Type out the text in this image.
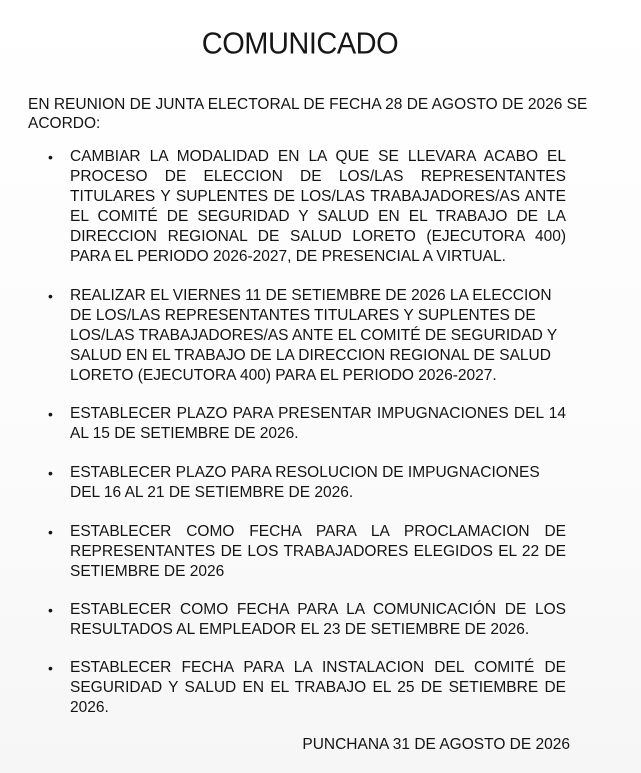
COMUNICADO
EN REUNION DE JUNTA ELECTORAL DE FECHA 28 DE AGOSTO DE 2026 SE ACORDO:
•	CAMBIAR LA MODALIDAD EN LA QUE SE LLEVARA ACABO EL PROCESO DE ELECCION DE LOS/LAS REPRESENTANTES TITULARES Y SUPLENTES DE LOS/LAS TRABAJADORES/AS ANTE EL COMITÉ DE SEGURIDAD Y SALUD EN EL TRABAJO DE LA DIRECCION REGIONAL DE SALUD LORETO (EJECUTORA 400) PARA EL PERIODO 2026-2027, DE PRESENCIAL A VIRTUAL.
•	REALIZAR EL VIERNES 11 DE SETIEMBRE DE 2026 LA ELECCION DE LOS/LAS REPRESENTANTES TITULARES Y SUPLENTES DE LOS/LAS TRABAJADORES/AS ANTE EL COMITÉ DE SEGURIDAD Y SALUD EN EL TRABAJO DE LA DIRECCION REGIONAL DE SALUD LORETO (EJECUTORA 400) PARA EL PERIODO 2026-2027.
•	ESTABLECER PLAZO PARA PRESENTAR IMPUGNACIONES DEL 14 AL 15 DE SETIEMBRE DE 2026.
•	ESTABLECER PLAZO PARA RESOLUCION DE IMPUGNACIONES DEL 16 AL 21 DE SETIEMBRE DE 2026.
•	ESTABLECER COMO FECHA PARA LA PROCLAMACION DE REPRESENTANTES DE LOS TRABAJADORES ELEGIDOS EL 22 DE SETIEMBRE DE 2026
•	ESTABLECER COMO FECHA PARA LA COMUNICACIÓN DE LOS RESULTADOS AL EMPLEADOR EL 23 DE SETIEMBRE DE 2026.
•	ESTABLECER FECHA PARA LA INSTALACION DEL COMITÉ DE SEGURIDAD Y SALUD EN EL TRABAJO EL 25 DE SETIEMBRE DE 2026.
PUNCHANA 31 DE AGOSTO DE 2026
